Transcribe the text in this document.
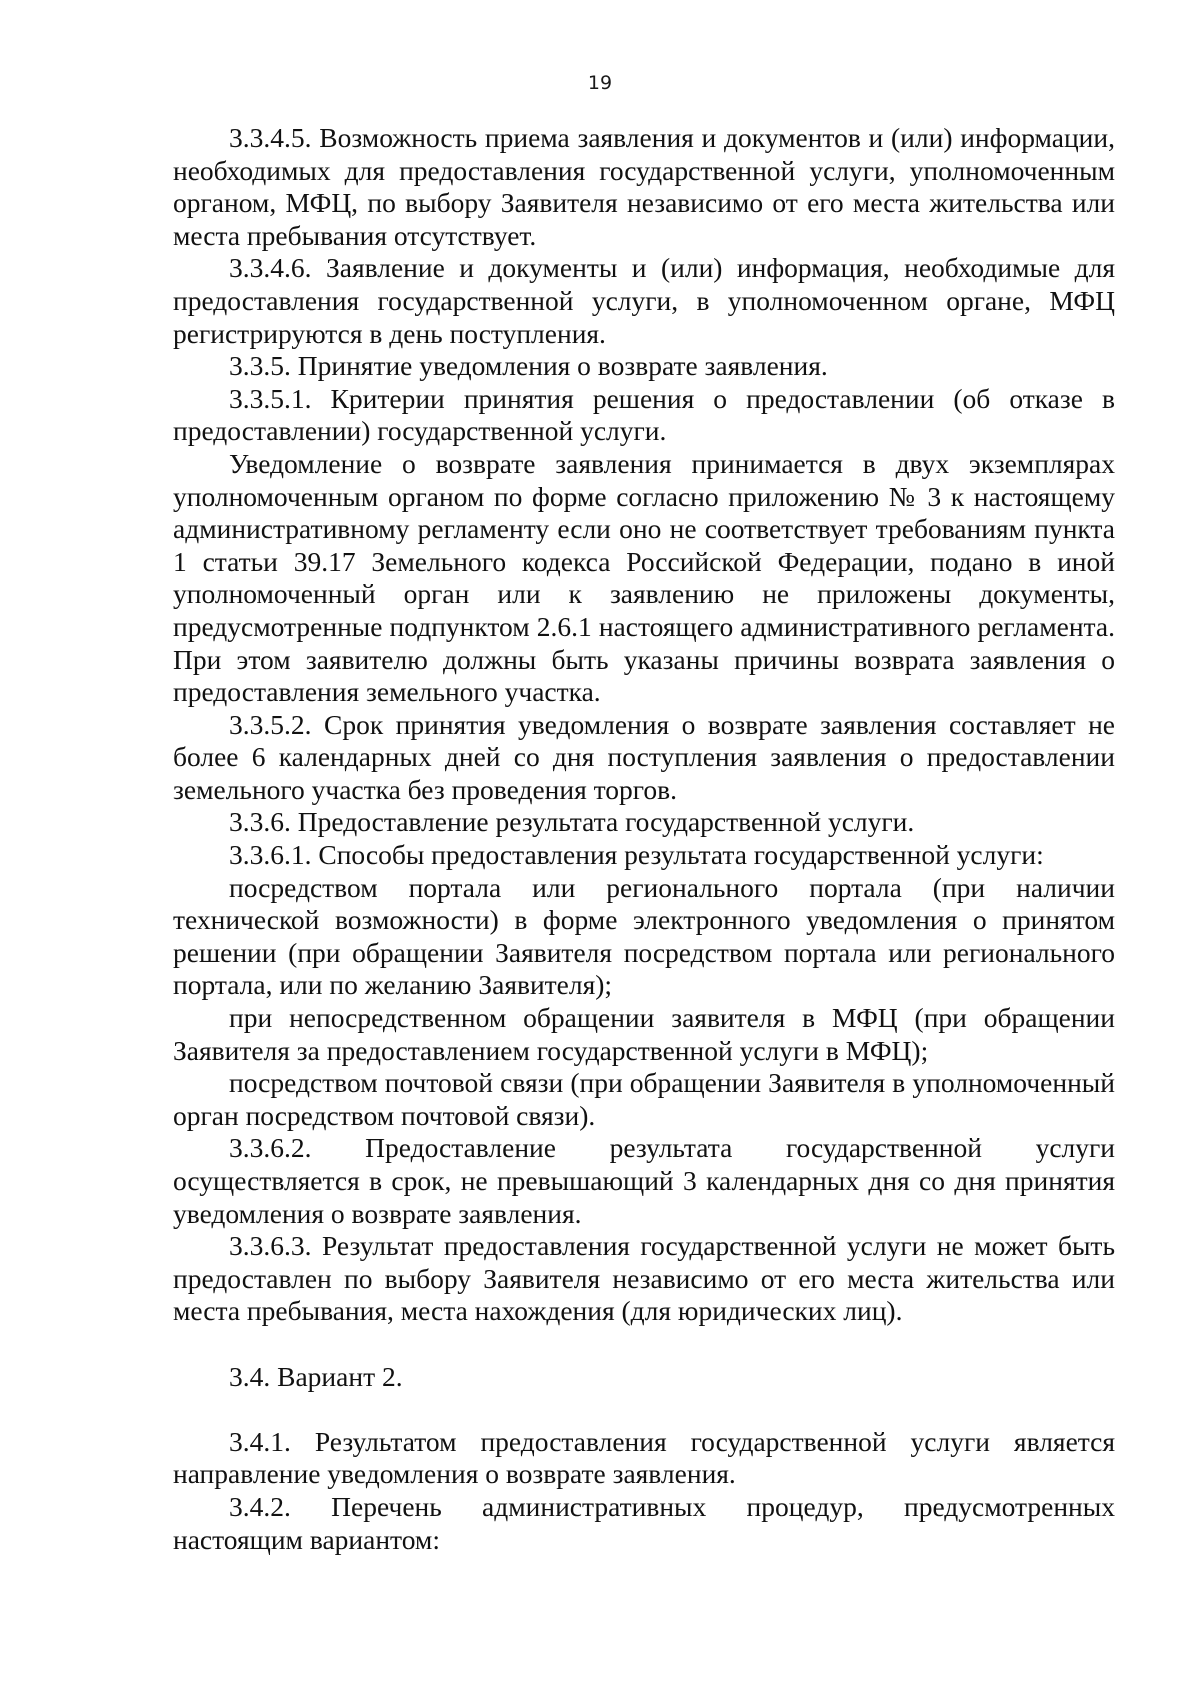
19

3.3.4.5. Возможность приема заявления и документов и (или) информации, необходимых для предоставления государственной услуги, уполномоченным органом, МФЦ, по выбору Заявителя независимо от его места жительства или места пребывания отсутствует.

3.3.4.6. Заявление и документы и (или) информация, необходимые для предоставления государственной услуги, в уполномоченном органе, МФЦ регистрируются в день поступления.

3.3.5. Принятие уведомления о возврате заявления.

3.3.5.1. Критерии принятия решения о предоставлении (об отказе в предоставлении) государственной услуги.

Уведомление о возврате заявления принимается в двух экземплярах уполномоченным органом по форме согласно приложению № 3 к настоящему административному регламенту если оно не соответствует требованиям пункта 1 статьи 39.17 Земельного кодекса Российской Федерации, подано в иной уполномоченный орган или к заявлению не приложены документы, предусмотренные подпунктом 2.6.1 настоящего административного регламента. При этом заявителю должны быть указаны причины возврата заявления о предоставления земельного участка.

3.3.5.2. Срок принятия уведомления о возврате заявления составляет не более 6 календарных дней со дня поступления заявления о предоставлении земельного участка без проведения торгов.

3.3.6. Предоставление результата государственной услуги.

3.3.6.1. Способы предоставления результата государственной услуги:

посредством портала или регионального портала (при наличии технической возможности) в форме электронного уведомления о принятом решении (при обращении Заявителя посредством портала или регионального портала, или по желанию Заявителя);

при непосредственном обращении заявителя в МФЦ (при обращении Заявителя за предоставлением государственной услуги в МФЦ);

посредством почтовой связи (при обращении Заявителя в уполномоченный орган посредством почтовой связи).

3.3.6.2. Предоставление результата государственной услуги осуществляется в срок, не превышающий 3 календарных дня со дня принятия уведомления о возврате заявления.

3.3.6.3. Результат предоставления государственной услуги не может быть предоставлен по выбору Заявителя независимо от его места жительства или места пребывания, места нахождения (для юридических лиц).

3.4. Вариант 2.

3.4.1. Результатом предоставления государственной услуги является направление уведомления о возврате заявления.

3.4.2. Перечень административных процедур, предусмотренных настоящим вариантом:
